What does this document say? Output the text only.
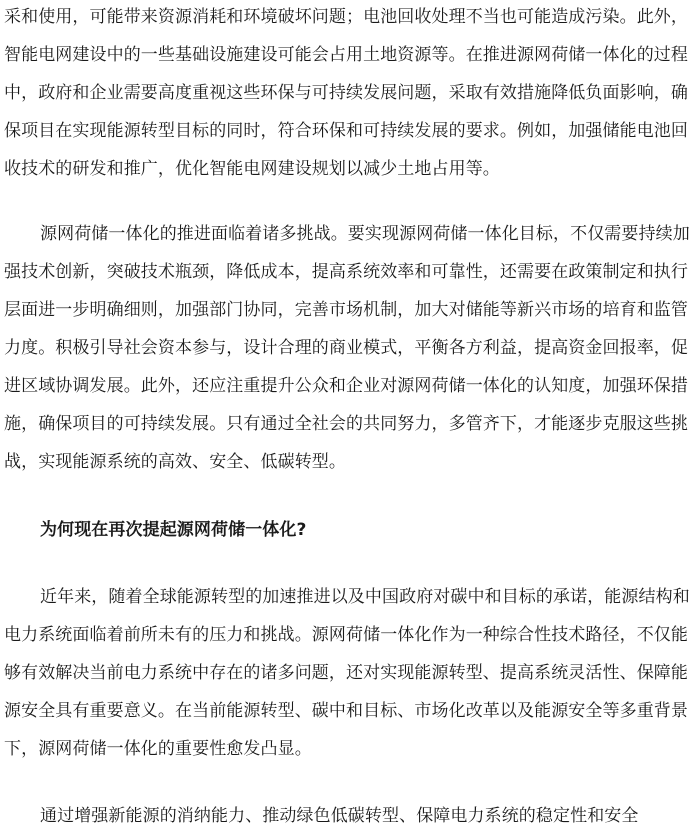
采和使用，可能带来资源消耗和环境破坏问题；电池回收处理不当也可能造成污染。此外，智能电网建设中的一些基础设施建设可能会占用土地资源等。在推进源网荷储一体化的过程中，政府和企业需要高度重视这些环保与可持续发展问题，采取有效措施降低负面影响，确保项目在实现能源转型目标的同时，符合环保和可持续发展的要求。例如，加强储能电池回收技术的研发和推广，优化智能电网建设规划以减少土地占用等。

源网荷储一体化的推进面临着诸多挑战。要实现源网荷储一体化目标，不仅需要持续加强技术创新，突破技术瓶颈，降低成本，提高系统效率和可靠性，还需要在政策制定和执行层面进一步明确细则，加强部门协同，完善市场机制，加大对储能等新兴市场的培育和监管力度。积极引导社会资本参与，设计合理的商业模式，平衡各方利益，提高资金回报率，促进区域协调发展。此外，还应注重提升公众和企业对源网荷储一体化的认知度，加强环保措施，确保项目的可持续发展。只有通过全社会的共同努力，多管齐下，才能逐步克服这些挑战，实现能源系统的高效、安全、低碳转型。

为何现在再次提起源网荷储一体化?

近年来，随着全球能源转型的加速推进以及中国政府对碳中和目标的承诺，能源结构和电力系统面临着前所未有的压力和挑战。源网荷储一体化作为一种综合性技术路径，不仅能够有效解决当前电力系统中存在的诸多问题，还对实现能源转型、提高系统灵活性、保障能源安全具有重要意义。在当前能源转型、碳中和目标、市场化改革以及能源安全等多重背景下，源网荷储一体化的重要性愈发凸显。

通过增强新能源的消纳能力、推动绿色低碳转型、保障电力系统的稳定性和安全
